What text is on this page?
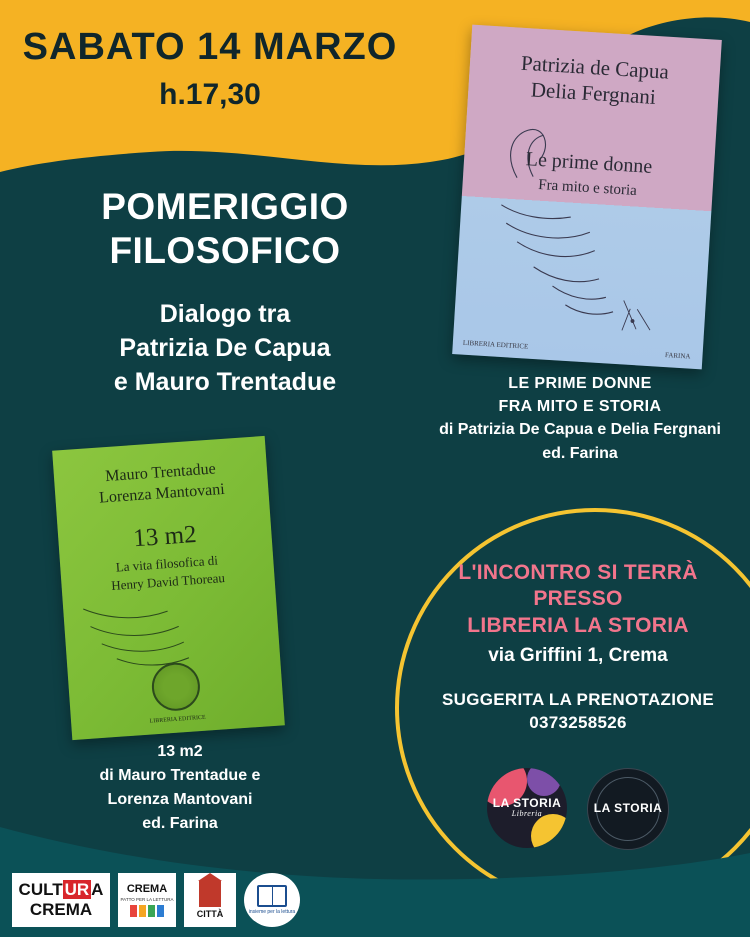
SABATO 14 MARZO
h.17,30
POMERIGGIO
FILOSOFICO
Dialogo tra
Patrizia De Capua
e Mauro Trentadue
Patrizia de Capua
Delia Fergnani
Le prime donne
Fra mito e storia
LIBRERIA EDITRICE
FARINA
LE PRIME DONNE
FRA MITO E STORIA
di Patrizia De Capua e Delia Fergnani
ed. Farina
Mauro Trentadue
Lorenza Mantovani
13 m2
La vita filosofica di
Henry David Thoreau
LIBRERIA EDITRICE
13 m2
di Mauro Trentadue e
Lorenza Mantovani
ed. Farina
L'INCONTRO SI TERRÀ
PRESSO
LIBRERIA LA STORIA
via Griffini 1, Crema
SUGGERITA LA PRENOTAZIONE
0373258526
LA STORIA
Libreria	LA STORIA
CULT UR A
CREMA
CREMA
PATTO PER LA LETTURA
CITTÀ	insieme per la lettura
